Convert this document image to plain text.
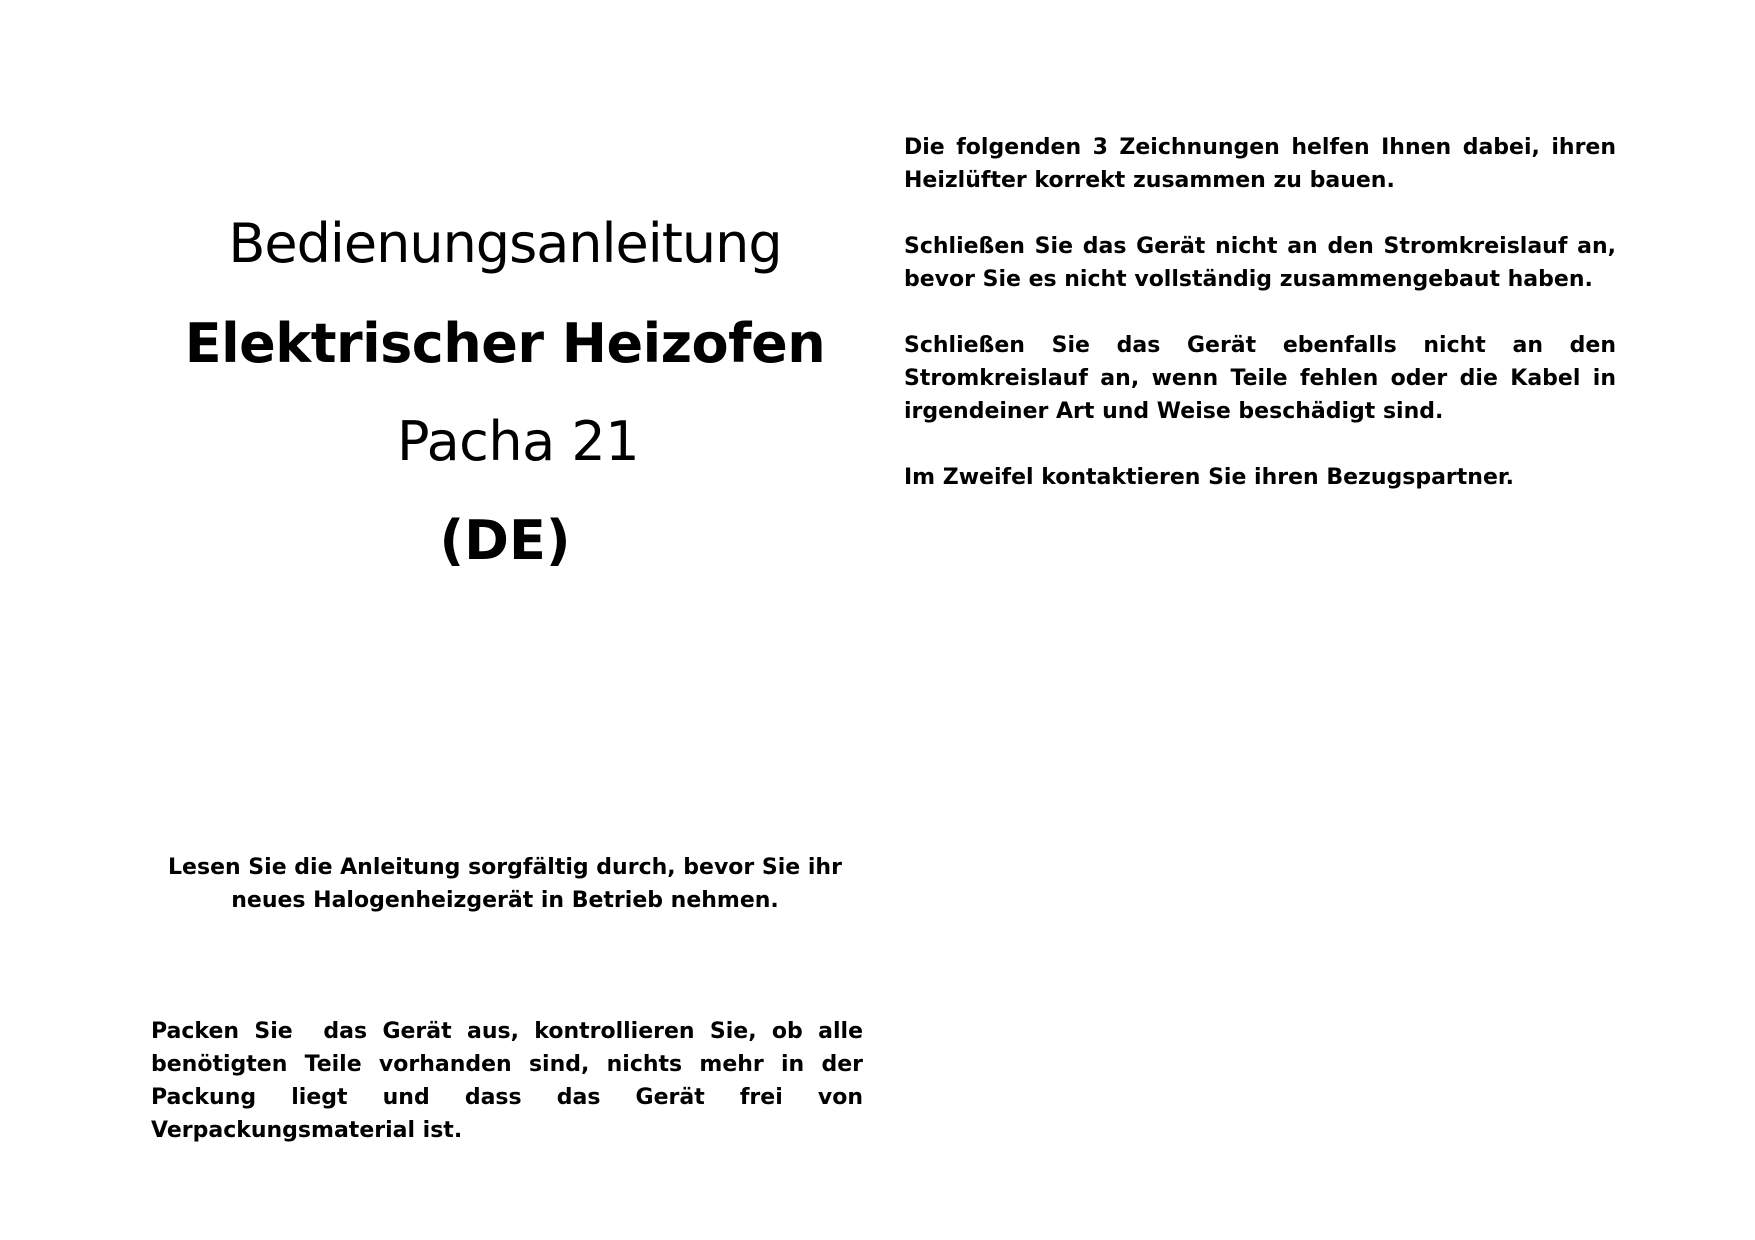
Bedienungsanleitung
Elektrischer Heizofen
Pacha 21
(DE)

Lesen Sie die Anleitung sorgfältig durch, bevor Sie ihr neues Halogenheizgerät in Betrieb nehmen.

Packen Sie  das Gerät aus, kontrollieren Sie, ob alle benötigten Teile vorhanden sind, nichts mehr in der Packung liegt und dass das Gerät frei von Verpackungsmaterial ist.

Die folgenden 3 Zeichnungen helfen Ihnen dabei, ihren Heizlüfter korrekt zusammen zu bauen.

Schließen Sie das Gerät nicht an den Stromkreislauf an, bevor Sie es nicht vollständig zusammengebaut haben.

Schließen Sie das Gerät ebenfalls nicht an den Stromkreislauf an, wenn Teile fehlen oder die Kabel in irgendeiner Art und Weise beschädigt sind.

Im Zweifel kontaktieren Sie ihren Bezugspartner.
